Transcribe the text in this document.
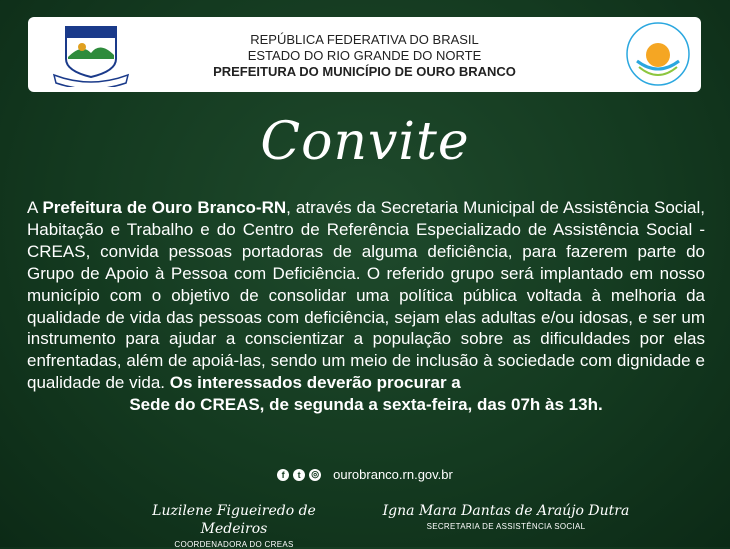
REPÚBLICA FEDERATIVA DO BRASIL
ESTADO DO RIO GRANDE DO NORTE
PREFEITURA DO MUNICÍPIO DE OURO BRANCO
Convite
A Prefeitura de Ouro Branco-RN, através da Secretaria Municipal de Assistência Social, Habitação e Trabalho e do Centro de Referência Especializado de Assistência Social - CREAS, convida pessoas portadoras de alguma deficiência, para fazerem parte do Grupo de Apoio à Pessoa com Deficiência. O referido grupo será implantado em nosso município com o objetivo de consolidar uma política pública voltada à melhoria da qualidade de vida das pessoas com deficiência, sejam elas adultas e/ou idosas, e ser um instrumento para ajudar a conscientizar a população sobre as dificuldades por elas enfrentadas, além de apoiá-las, sendo um meio de inclusão à sociedade com dignidade e qualidade de vida. Os interessados deverão procurar a
Sede do CREAS, de segunda a sexta-feira, das 07h às 13h.
f	t	◎ ourobranco.rn.gov.br
Luzilene Figueiredo de Medeiros
COORDENADORA DO CREAS
Igna Mara Dantas de Araújo Dutra
SECRETARIA DE ASSISTÊNCIA SOCIAL
